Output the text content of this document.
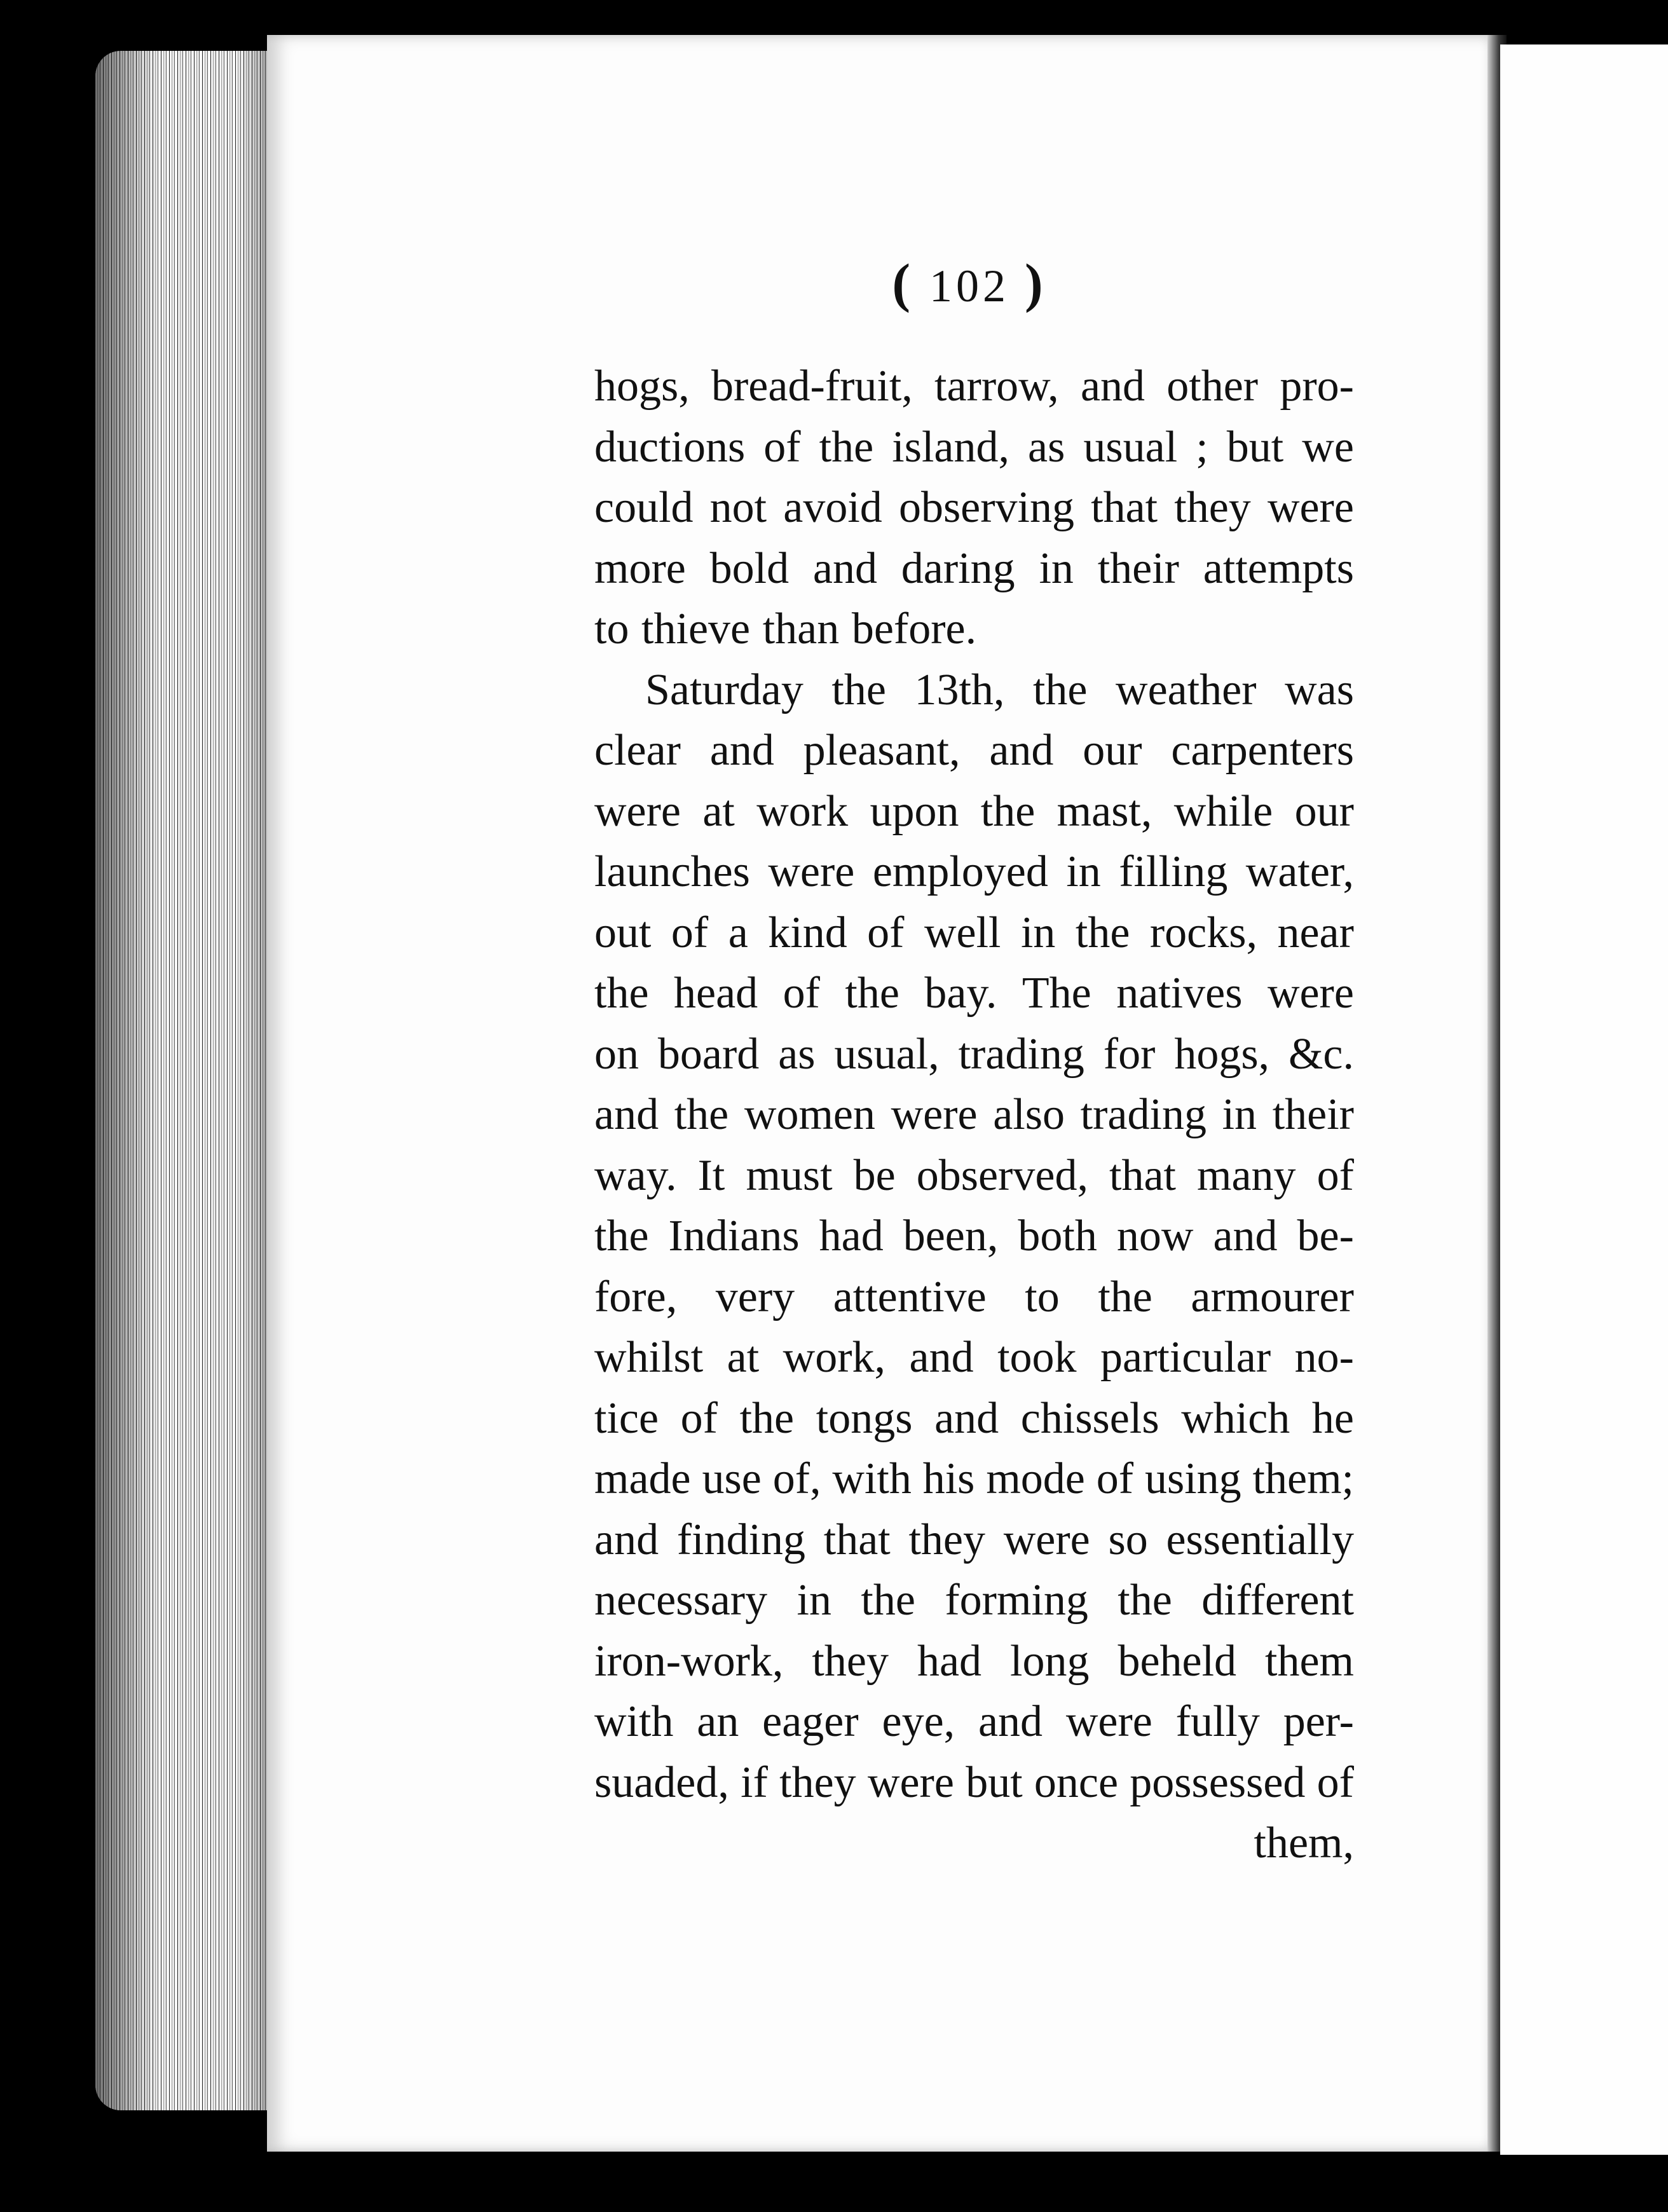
( 102 )
hogs, bread-fruit, tarrow, and other pro-
ductions of the island, as usual ; but we
could not avoid observing that they were
more bold and daring in their attempts
to thieve than before.
Saturday the 13th, the weather was
clear and pleasant, and our carpenters
were at work upon the mast, while our
launches were employed in filling water,
out of a kind of well in the rocks, near
the head of the bay. The natives were
on board as usual, trading for hogs, &c.
and the women were also trading in their
way. It must be observed, that many of
the Indians had been, both now and be-
fore, very attentive to the armourer
whilst at work, and took particular no-
tice of the tongs and chissels which he
made use of, with his mode of using them;
and finding that they were so essentially
necessary in the forming the different
iron-work, they had long beheld them
with an eager eye, and were fully per-
suaded, if they were but once possessed of
them,
